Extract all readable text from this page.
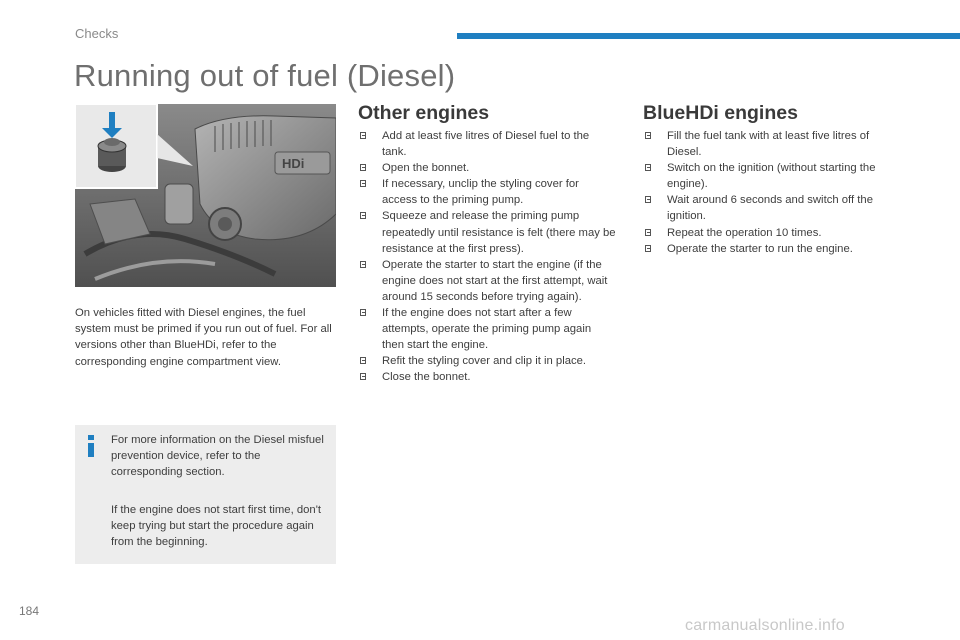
Checks
Running out of fuel (Diesel)
HDi
On vehicles fitted with Diesel engines, the fuel system must be primed if you run out of fuel. For all versions other than BlueHDi, refer to the corresponding engine compartment view.
For more information on the Diesel misfuel prevention device, refer to the corresponding section.
If the engine does not start first time, don't keep trying but start the procedure again from the beginning.
Other engines
Add at least five litres of Diesel fuel to the tank.
Open the bonnet.
If necessary, unclip the styling cover for access to the priming pump.
Squeeze and release the priming pump repeatedly until resistance is felt (there may be resistance at the first press).
Operate the starter to start the engine (if the engine does not start at the first attempt, wait around 15 seconds before trying again).
If the engine does not start after a few attempts, operate the priming pump again then start the engine.
Refit the styling cover and clip it in place.
Close the bonnet.
BlueHDi engines
Fill the fuel tank with at least five litres of Diesel.
Switch on the ignition (without starting the engine).
Wait around 6 seconds and switch off the ignition.
Repeat the operation 10 times.
Operate the starter to run the engine.
184
carmanualsonline.info
